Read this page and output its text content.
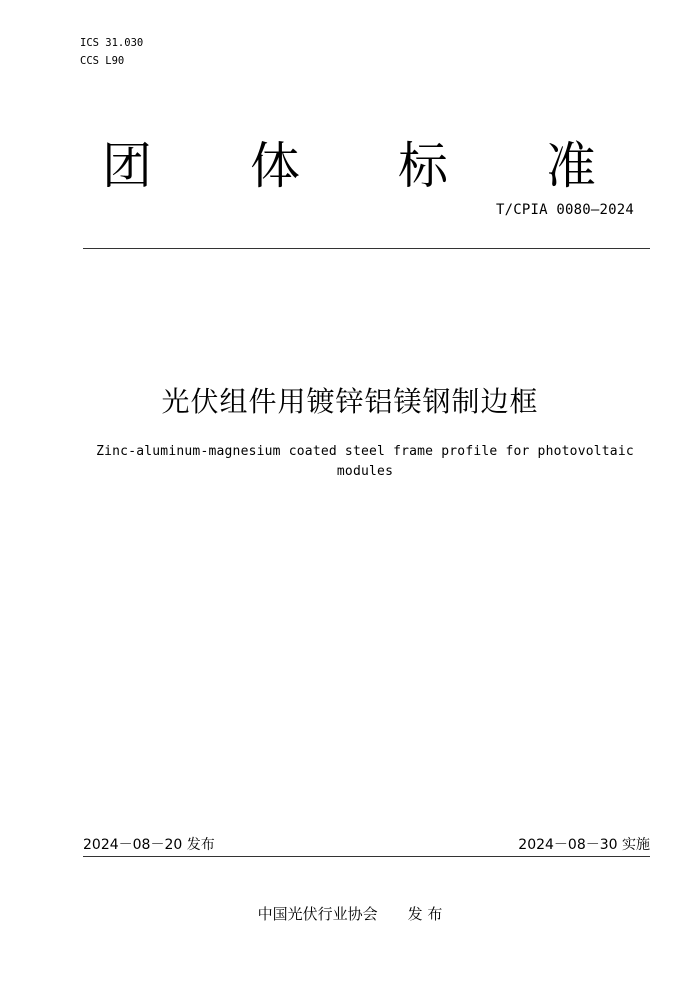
ICS 31.030
CCS L90
团 体 标 准
T/CPIA 0080—2024
光伏组件用镀锌铝镁钢制边框
Zinc-aluminum-magnesium coated steel frame profile for photovoltaic modules
2024－08－20 发布	2024－08－30 实施
中国光伏行业协会 发 布
